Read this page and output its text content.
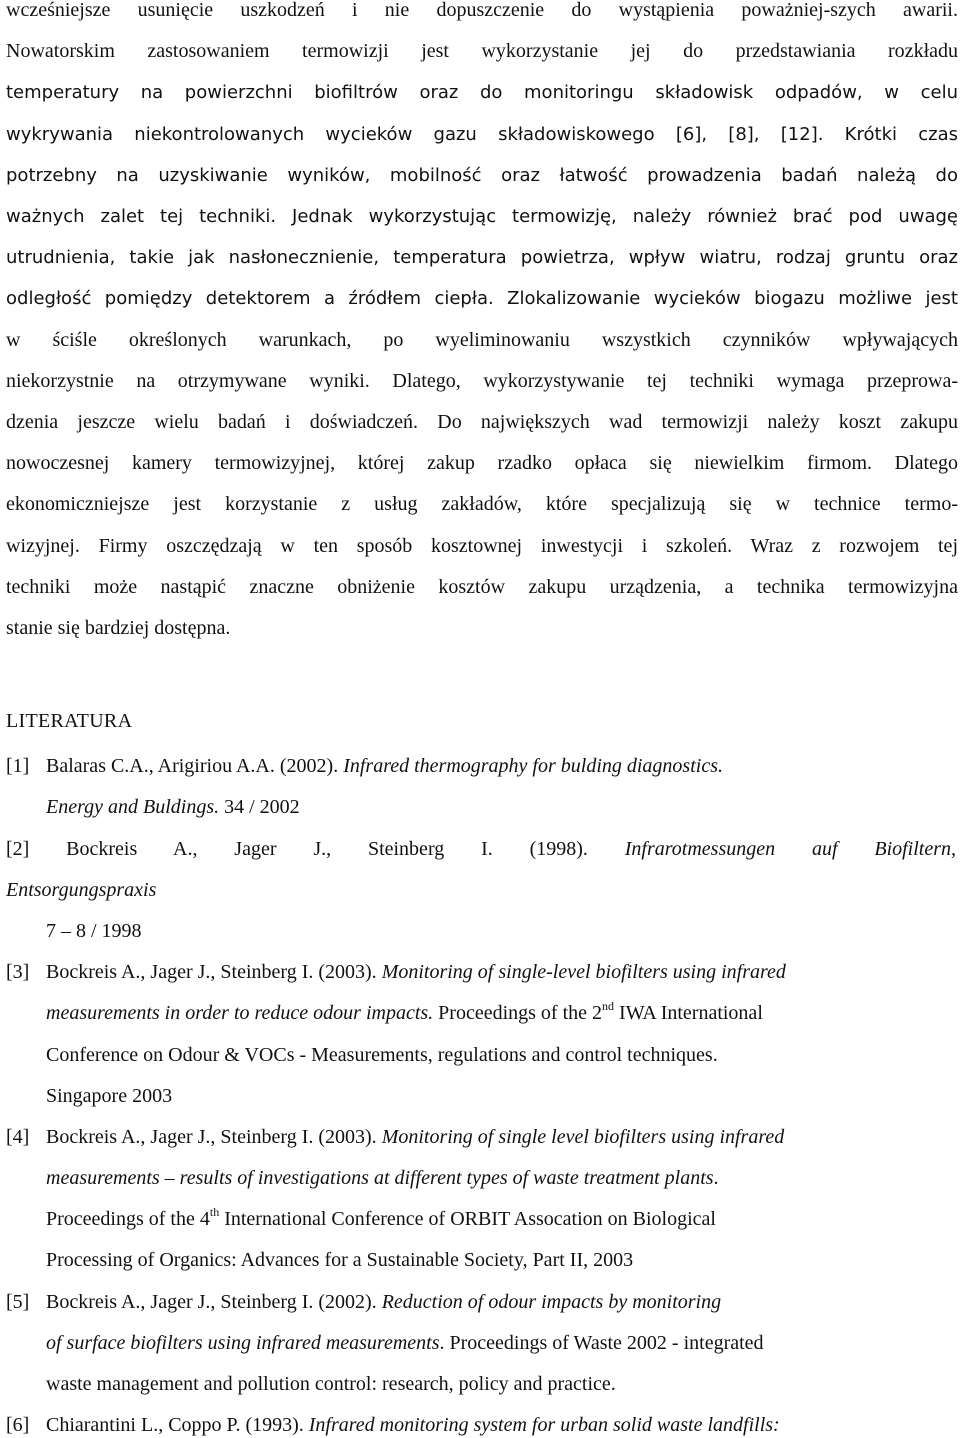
wcześniejsze usunięcie uszkodzeń i nie dopuszczenie do wystąpienia poważniej-szych awarii.
Nowatorskim zastosowaniem termowizji jest wykorzystanie jej do przedstawiania rozkładu
temperatury na powierzchni biofiltrów oraz do monitoringu składowisk odpadów, w celu
wykrywania niekontrolowanych wycieków gazu składowiskowego [6], [8], [12]. Krótki czas
potrzebny na uzyskiwanie wyników, mobilność oraz łatwość prowadzenia badań należą do
ważnych zalet tej techniki. Jednak wykorzystując termowizję, należy również brać pod uwagę
utrudnienia, takie jak nasłonecznienie, temperatura powietrza, wpływ wiatru, rodzaj gruntu oraz
odległość pomiędzy detektorem a źródłem ciepła. Zlokalizowanie wycieków biogazu możliwe jest
w ściśle określonych warunkach, po wyeliminowaniu wszystkich czynników wpływających
niekorzystnie na otrzymywane wyniki. Dlatego, wykorzystywanie tej techniki wymaga przeprowa-
dzenia jeszcze wielu badań i doświadczeń. Do największych wad termowizji należy koszt zakupu
nowoczesnej kamery termowizyjnej, której zakup rzadko opłaca się niewielkim firmom. Dlatego
ekonomiczniejsze jest korzystanie z usług zakładów, które specjalizują się w technice termo-
wizyjnej. Firmy oszczędzają w ten sposób kosztownej inwestycji i szkoleń. Wraz z rozwojem tej
techniki może nastąpić znaczne obniżenie kosztów zakupu urządzenia, a technika termowizyjna
stanie się bardziej dostępna.

LITERATURA
[1] Balaras C.A., Arigiriou A.A. (2002). Infrared thermography for bulding diagnostics.
Energy and Buldings. 34 / 2002
[2] Bockreis A., Jager J., Steinberg I. (1998). Infrarotmessungen auf Biofiltern,
Entsorgungspraxis
7 – 8 / 1998
[3] Bockreis A., Jager J., Steinberg I. (2003). Monitoring of single-level biofilters using infrared
measurements in order to reduce odour impacts. Proceedings of the 2nd IWA International
Conference on Odour & VOCs - Measurements, regulations and control techniques.
Singapore 2003
[4] Bockreis A., Jager J., Steinberg I. (2003). Monitoring of single level biofilters using infrared
measurements – results of investigations at different types of waste treatment plants.
Proceedings of the 4th International Conference of ORBIT Assocation on Biological
Processing of Organics: Advances for a Sustainable Society, Part II, 2003
[5] Bockreis A., Jager J., Steinberg I. (2002). Reduction of odour impacts by monitoring
of surface biofilters using infrared measurements. Proceedings of Waste 2002 - integrated
waste management and pollution control: research, policy and practice.
[6] Chiarantini L., Coppo P. (1993). Infrared monitoring system for urban solid waste landfills:
